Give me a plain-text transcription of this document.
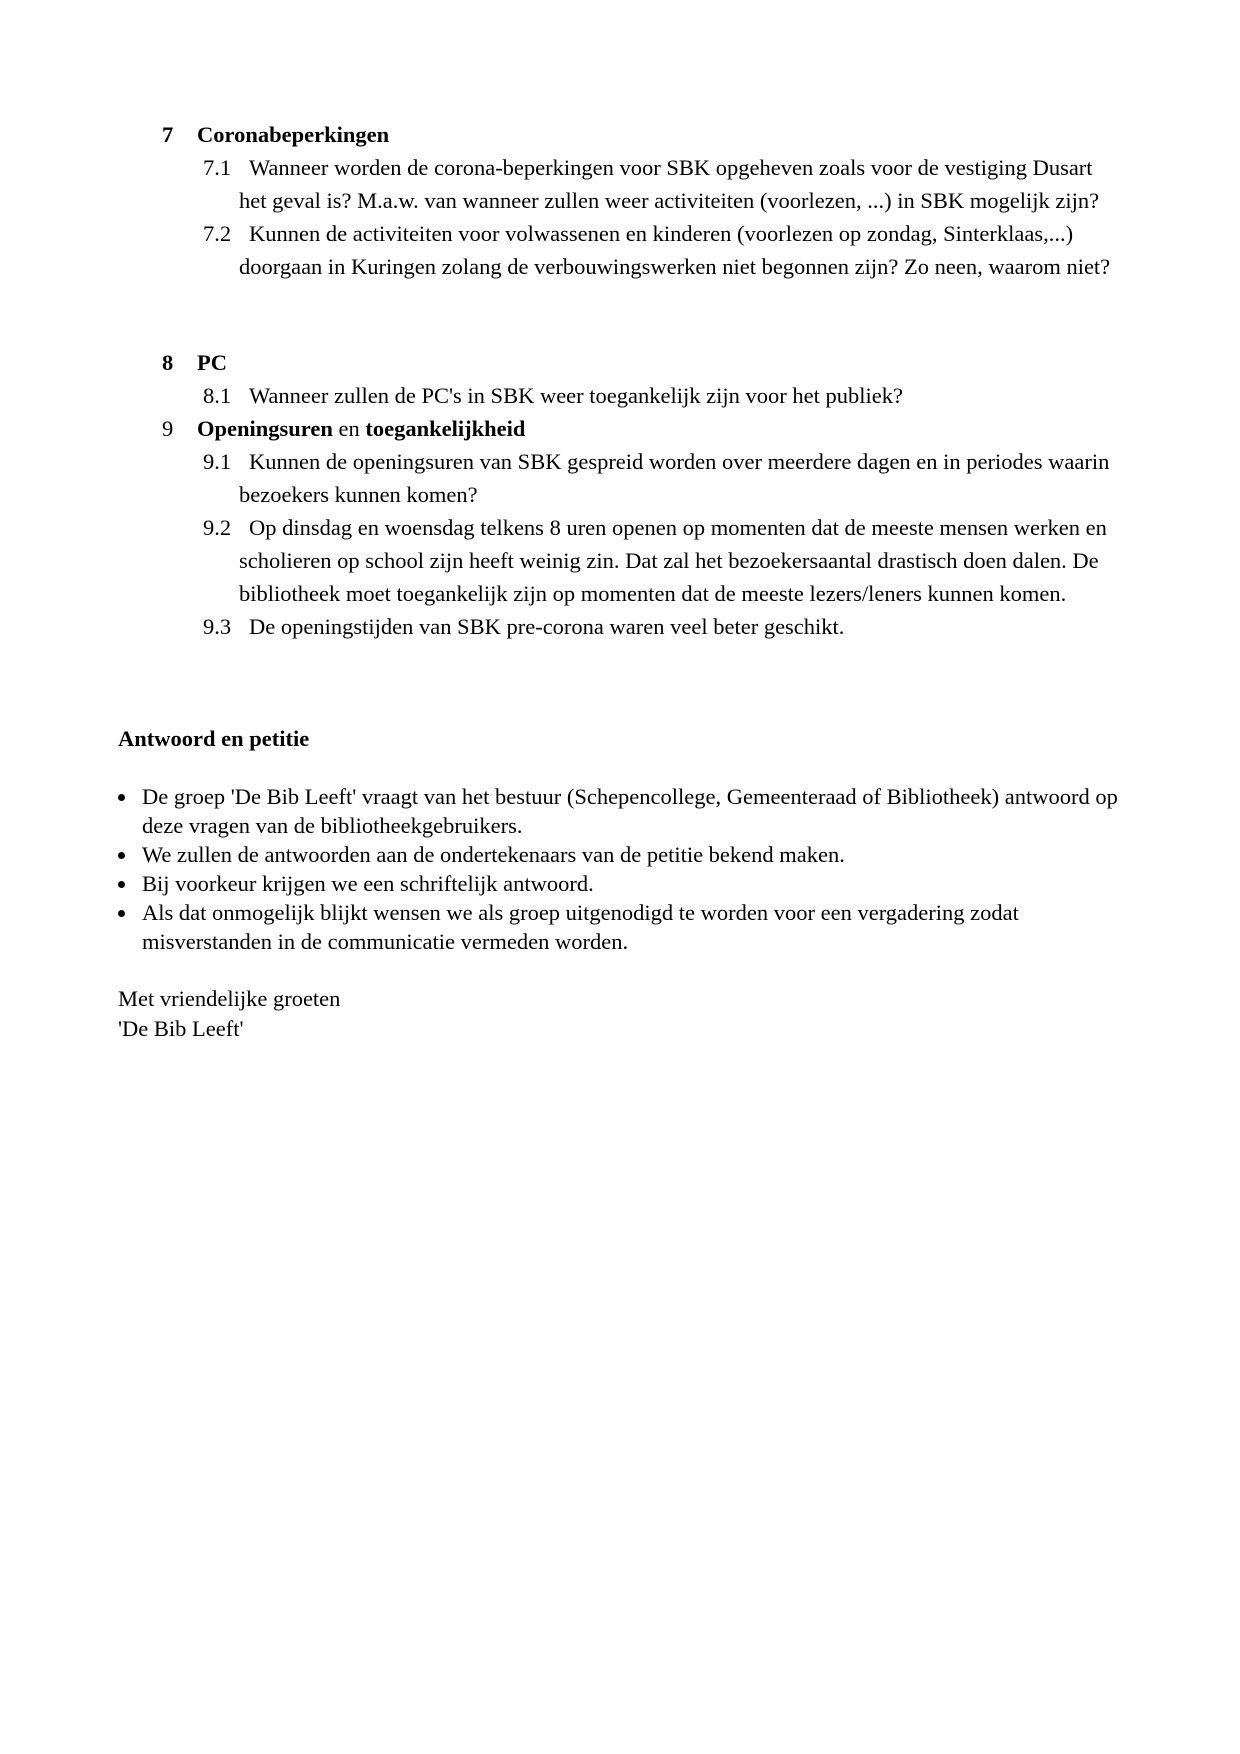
7	Coronabeperkingen
7.1 Wanneer worden de corona-beperkingen voor SBK opgeheven zoals voor de vestiging Dusart het geval is? M.a.w. van wanneer zullen weer activiteiten (voorlezen, ...) in SBK mogelijk zijn?
7.2 Kunnen de activiteiten voor volwassenen en kinderen (voorlezen op zondag, Sinterklaas,...) doorgaan in Kuringen zolang de verbouwingswerken niet begonnen zijn? Zo neen, waarom niet?
8	PC
8.1 Wanneer zullen de PC's in SBK weer toegankelijk zijn voor het publiek?
9	Openingsuren en toegankelijkheid
9.1 Kunnen de openingsuren van SBK gespreid worden over meerdere dagen en in periodes waarin bezoekers kunnen komen?
9.2 Op dinsdag en woensdag telkens 8 uren openen op momenten dat de meeste mensen werken en scholieren op school zijn heeft weinig zin. Dat zal het bezoekersaantal drastisch doen dalen. De bibliotheek moet toegankelijk zijn op momenten dat de meeste lezers/leners kunnen komen.
9.3 De openingstijden van SBK pre-corona waren veel beter geschikt.
Antwoord en petitie
De groep 'De Bib Leeft' vraagt van het bestuur (Schepencollege, Gemeenteraad of Bibliotheek) antwoord op deze vragen van de bibliotheekgebruikers.
We zullen de antwoorden aan de ondertekenaars van de petitie bekend maken.
Bij voorkeur krijgen we een schriftelijk antwoord.
Als dat onmogelijk blijkt wensen we als groep uitgenodigd te worden voor een vergadering zodat misverstanden in de communicatie vermeden worden.
Met vriendelijke groeten
'De Bib Leeft'
